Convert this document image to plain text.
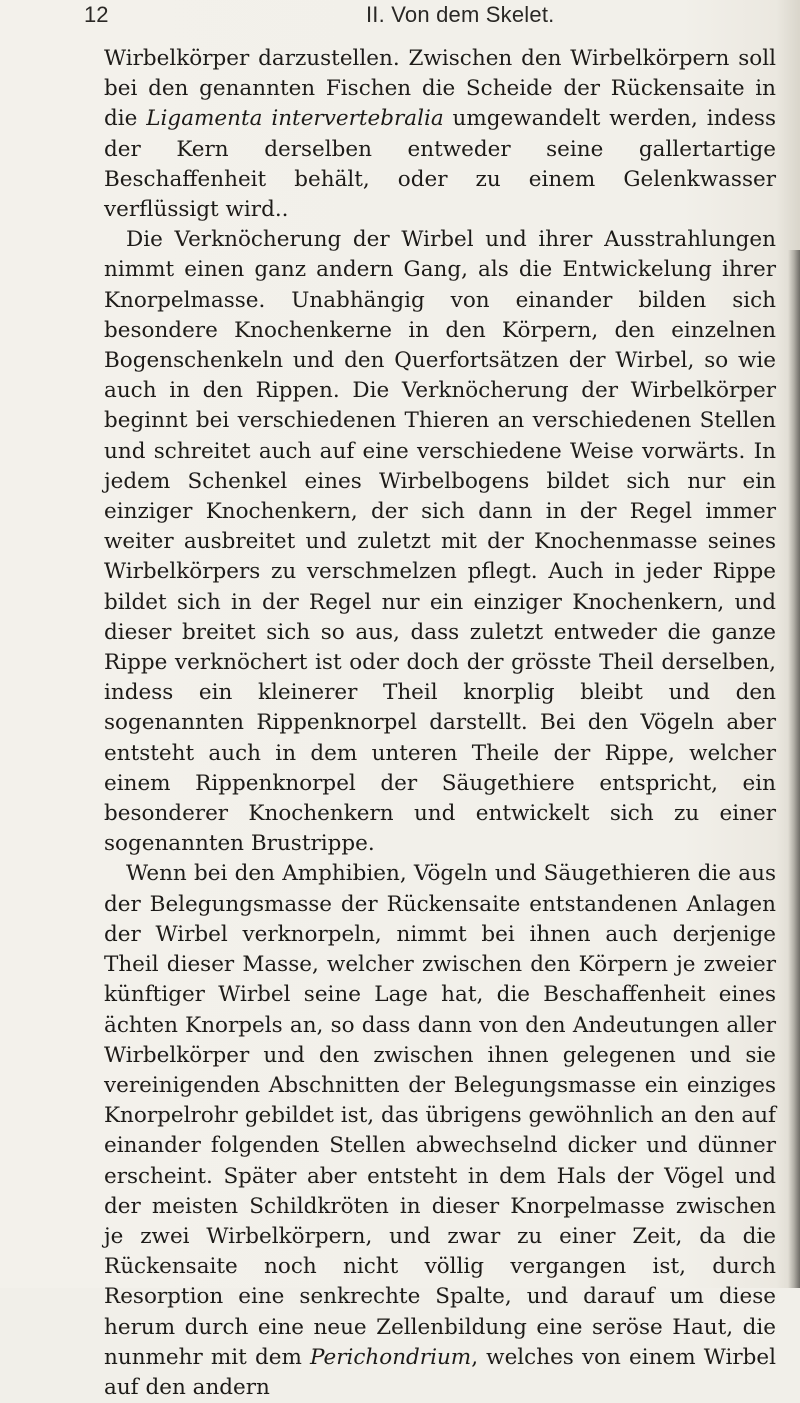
12	II. Von dem Skelet.

Wirbelkörper darzustellen. Zwischen den Wirbelkörpern soll bei den genannten Fischen die Scheide der Rückensaite in die Ligamenta intervertebralia umgewandelt werden, indess der Kern derselben entweder seine gallertartige Beschaffenheit behält, oder zu einem Gelenkwasser verflüssigt wird..

Die Verknöcherung der Wirbel und ihrer Ausstrahlungen nimmt einen ganz andern Gang, als die Entwickelung ihrer Knorpelmasse. Unabhängig von einander bilden sich besondere Knochenkerne in den Körpern, den einzelnen Bogenschenkeln und den Querfortsätzen der Wirbel, so wie auch in den Rippen. Die Verknöcherung der Wirbelkörper beginnt bei verschiedenen Thieren an verschiedenen Stellen und schreitet auch auf eine verschiedene Weise vorwärts. In jedem Schenkel eines Wirbelbogens bildet sich nur ein einziger Knochenkern, der sich dann in der Regel immer weiter ausbreitet und zuletzt mit der Knochenmasse seines Wirbelkörpers zu verschmelzen pflegt. Auch in jeder Rippe bildet sich in der Regel nur ein einziger Knochenkern, und dieser breitet sich so aus, dass zuletzt entweder die ganze Rippe verknöchert ist oder doch der grösste Theil derselben, indess ein kleinerer Theil knorplig bleibt und den sogenannten Rippenknorpel darstellt. Bei den Vögeln aber entsteht auch in dem unteren Theile der Rippe, welcher einem Rippenknorpel der Säugethiere entspricht, ein besonderer Knochenkern und entwickelt sich zu einer sogenannten Brustrippe.

Wenn bei den Amphibien, Vögeln und Säugethieren die aus der Belegungsmasse der Rückensaite entstandenen Anlagen der Wirbel verknorpeln, nimmt bei ihnen auch derjenige Theil dieser Masse, welcher zwischen den Körpern je zweier künftiger Wirbel seine Lage hat, die Beschaffenheit eines ächten Knorpels an, so dass dann von den Andeutungen aller Wirbelkörper und den zwischen ihnen gelegenen und sie vereinigenden Abschnitten der Belegungsmasse ein einziges Knorpelrohr gebildet ist, das übrigens gewöhnlich an den auf einander folgenden Stellen abwechselnd dicker und dünner erscheint. Später aber entsteht in dem Hals der Vögel und der meisten Schildkröten in dieser Knorpelmasse zwischen je zwei Wirbelkörpern, und zwar zu einer Zeit, da die Rückensaite noch nicht völlig vergangen ist, durch Resorption eine senkrechte Spalte, und darauf um diese herum durch eine neue Zellenbildung eine seröse Haut, die nunmehr mit dem Perichondrium, welches von einem Wirbel auf den andern
